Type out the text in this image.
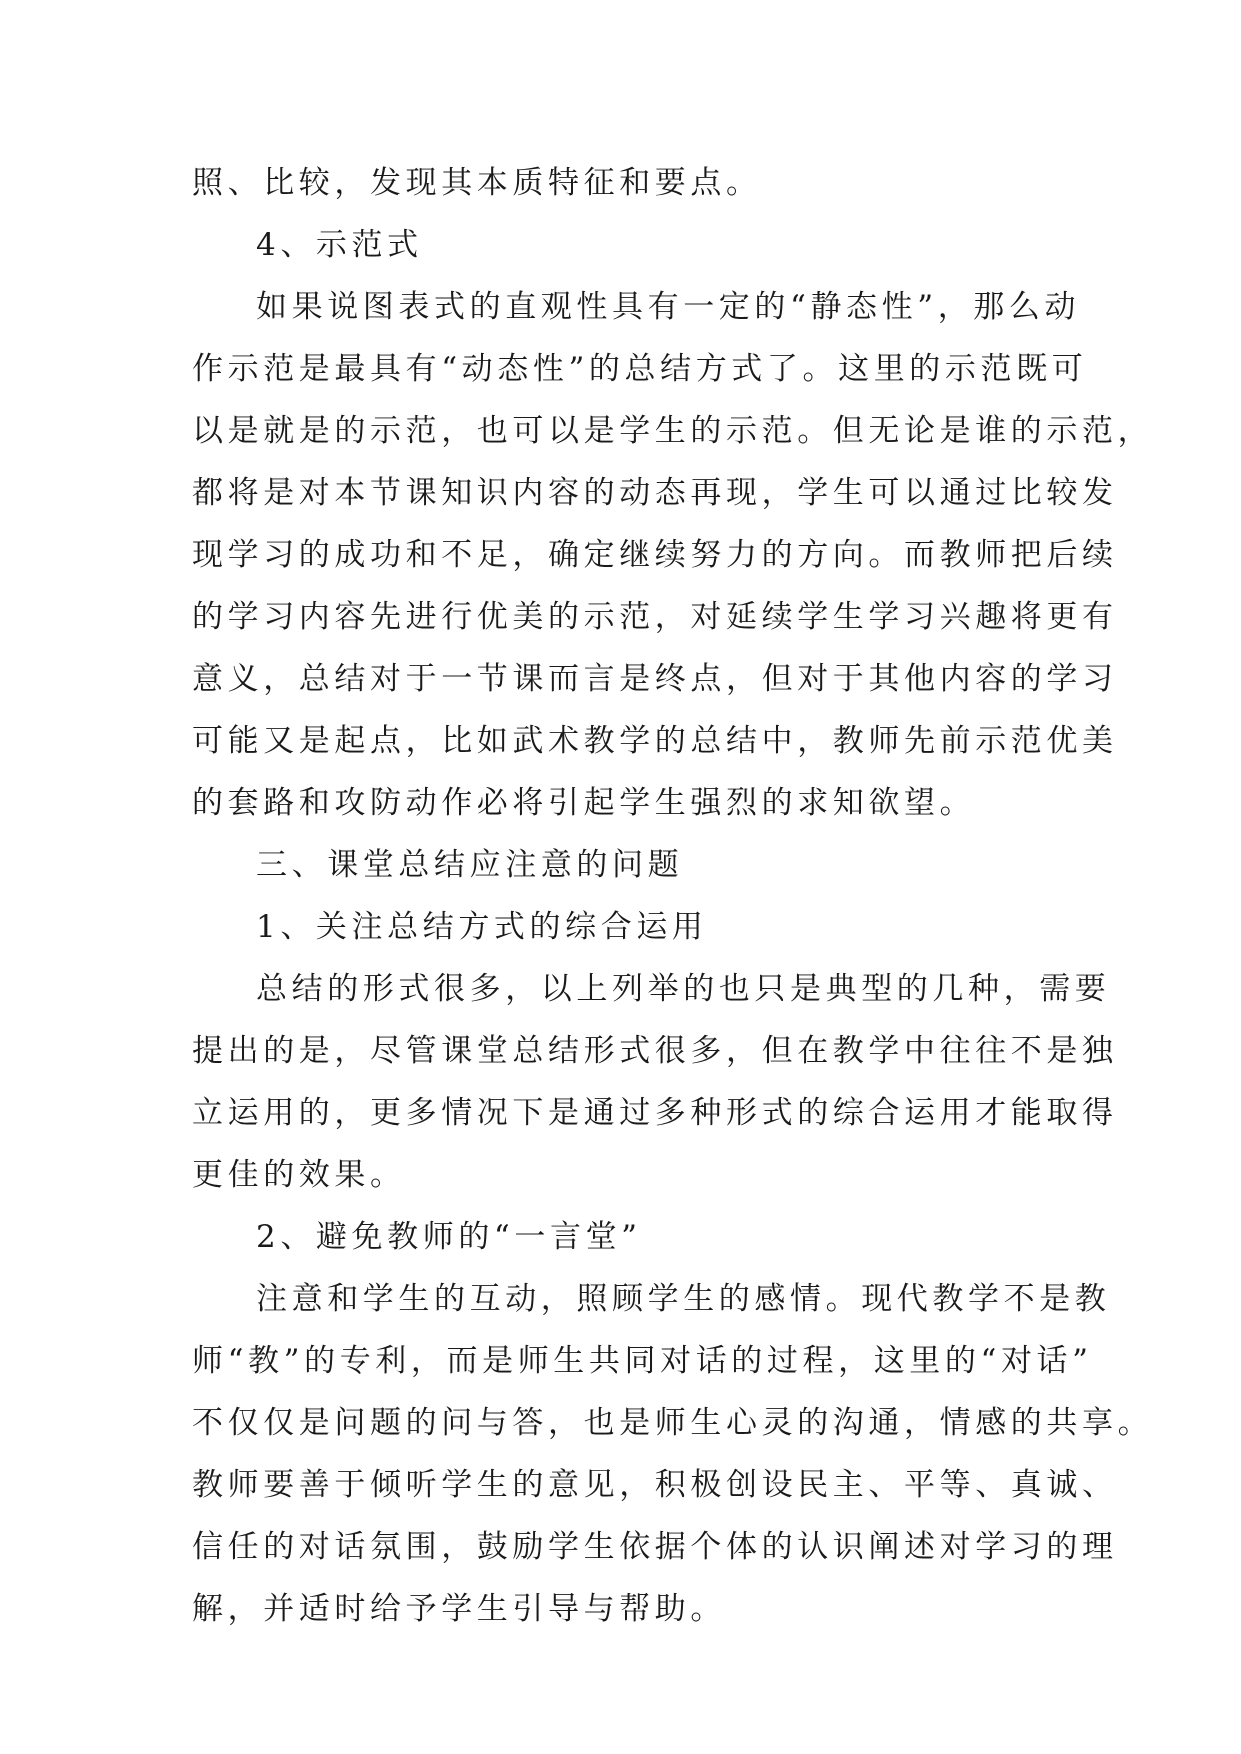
照、比较，发现其本质特征和要点。
4、示范式
如果说图表式的直观性具有一定的“静态性”，那么动
作示范是最具有“动态性”的总结方式了。这里的示范既可
以是就是的示范，也可以是学生的示范。但无论是谁的示范，
都将是对本节课知识内容的动态再现，学生可以通过比较发
现学习的成功和不足，确定继续努力的方向。而教师把后续
的学习内容先进行优美的示范，对延续学生学习兴趣将更有
意义，总结对于一节课而言是终点，但对于其他内容的学习
可能又是起点，比如武术教学的总结中，教师先前示范优美
的套路和攻防动作必将引起学生强烈的求知欲望。
三、课堂总结应注意的问题
1、关注总结方式的综合运用
总结的形式很多，以上列举的也只是典型的几种，需要
提出的是，尽管课堂总结形式很多，但在教学中往往不是独
立运用的，更多情况下是通过多种形式的综合运用才能取得
更佳的效果。
2、避免教师的“一言堂”
注意和学生的互动，照顾学生的感情。现代教学不是教
师“教”的专利，而是师生共同对话的过程，这里的“对话”
不仅仅是问题的问与答，也是师生心灵的沟通，情感的共享。
教师要善于倾听学生的意见，积极创设民主、平等、真诚、
信任的对话氛围，鼓励学生依据个体的认识阐述对学习的理
解，并适时给予学生引导与帮助。
